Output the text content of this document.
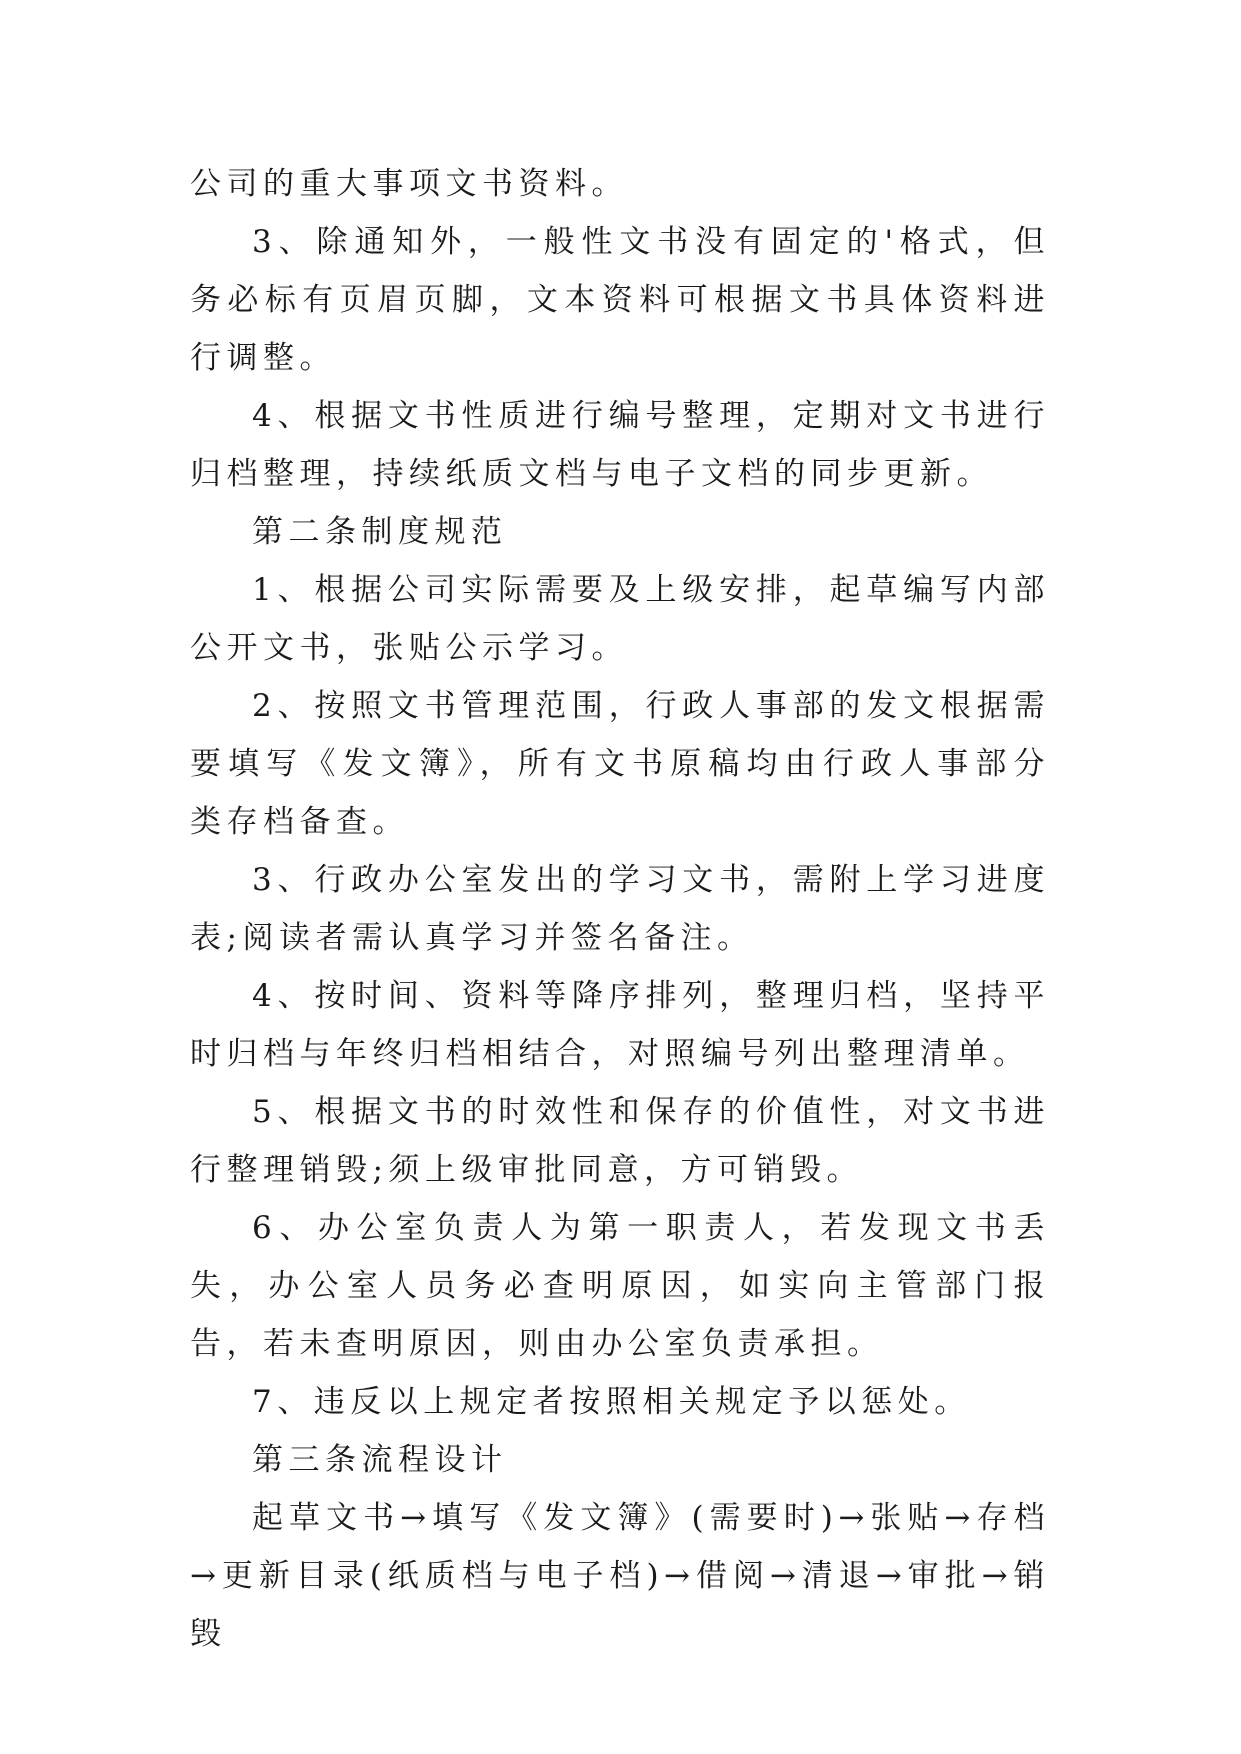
公司的重大事项文书资料。

3、除通知外，一般性文书没有固定的'格式，但务必标有页眉页脚，文本资料可根据文书具体资料进行调整。

4、根据文书性质进行编号整理，定期对文书进行归档整理，持续纸质文档与电子文档的同步更新。

第二条制度规范

1、根据公司实际需要及上级安排，起草编写内部公开文书，张贴公示学习。

2、按照文书管理范围，行政人事部的发文根据需要填写《发文簿》，所有文书原稿均由行政人事部分类存档备查。

3、行政办公室发出的学习文书，需附上学习进度表;阅读者需认真学习并签名备注。

4、按时间、资料等降序排列，整理归档，坚持平时归档与年终归档相结合，对照编号列出整理清单。

5、根据文书的时效性和保存的价值性，对文书进行整理销毁;须上级审批同意，方可销毁。

6、办公室负责人为第一职责人，若发现文书丢失，办公室人员务必查明原因，如实向主管部门报告，若未查明原因，则由办公室负责承担。

7、违反以上规定者按照相关规定予以惩处。

第三条流程设计

起草文书→填写《发文簿》(需要时)→张贴→存档→更新目录(纸质档与电子档)→借阅→清退→审批→销毁
